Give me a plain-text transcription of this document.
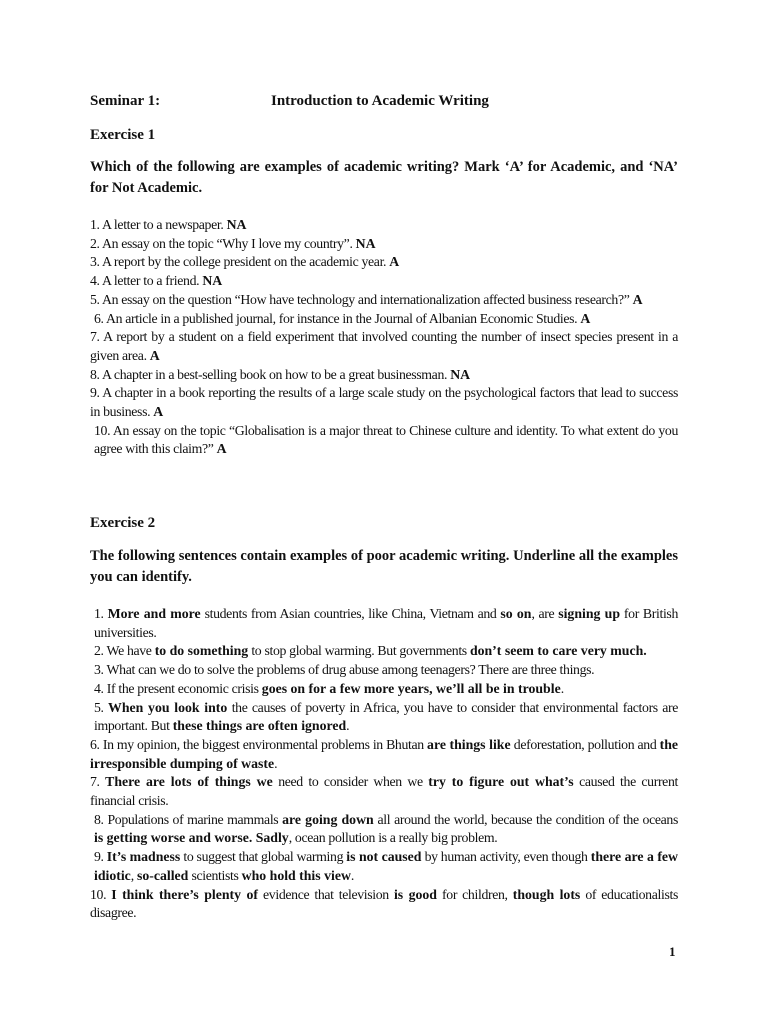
Seminar 1:	Introduction to Academic Writing
Exercise 1
Which of the following are examples of academic writing? Mark ‘A’ for Academic, and ‘NA’ for Not Academic.
1. A letter to a newspaper. NA
2. An essay on the topic “Why I love my country”. NA
3. A report by the college president on the academic year. A
4. A letter to a friend. NA
5. An essay on the question “How have technology and internationalization affected business research?” A
6. An article in a published journal, for instance in the Journal of Albanian Economic Studies. A
7. A report by a student on a field experiment that involved counting the number of insect species present in a given area. A
8. A chapter in a best-selling book on how to be a great businessman. NA
9. A chapter in a book reporting the results of a large scale study on the psychological factors that lead to success in business. A
10. An essay on the topic “Globalisation is a major threat to Chinese culture and identity. To what extent do you agree with this claim?” A
Exercise 2
The following sentences contain examples of poor academic writing. Underline all the examples you can identify.
1. More and more students from Asian countries, like China, Vietnam and so on, are signing up for British universities.
2. We have to do something to stop global warming. But governments don’t seem to care very much.
3. What can we do to solve the problems of drug abuse among teenagers? There are three things.
4. If the present economic crisis goes on for a few more years, we’ll all be in trouble.
5. When you look into the causes of poverty in Africa, you have to consider that environmental factors are important. But these things are often ignored.
6. In my opinion, the biggest environmental problems in Bhutan are things like deforestation, pollution and the irresponsible dumping of waste.
7. There are lots of things we need to consider when we try to figure out what’s caused the current financial crisis.
8. Populations of marine mammals are going down all around the world, because the condition of the oceans is getting worse and worse. Sadly, ocean pollution is a really big problem.
9. It’s madness to suggest that global warming is not caused by human activity, even though there are a few idiotic, so-called scientists who hold this view.
10. I think there’s plenty of evidence that television is good for children, though lots of educationalists disagree.
1
